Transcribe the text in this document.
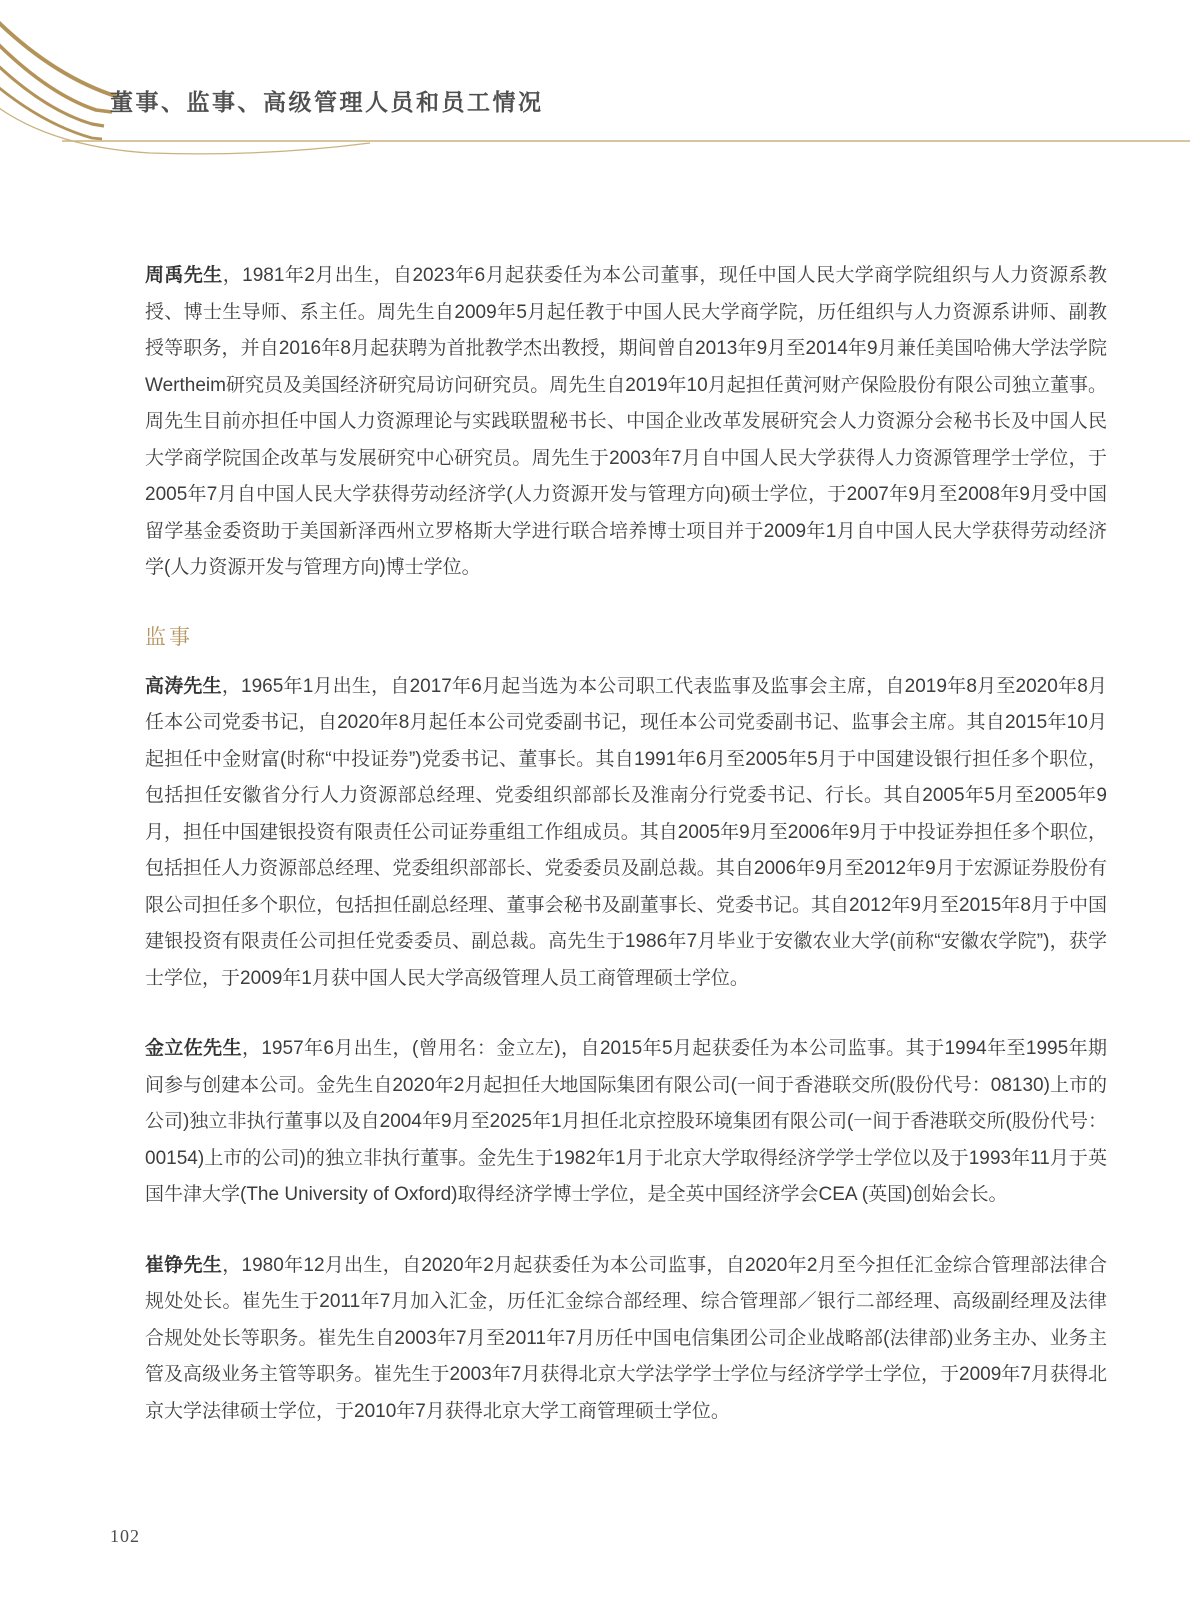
董事、监事、高级管理人员和员工情况

周禹先生，1981年2月出生，自2023年6月起获委任为本公司董事，现任中国人民大学商学院组织与人力资源系教授、博士生导师、系主任。周先生自2009年5月起任教于中国人民大学商学院，历任组织与人力资源系讲师、副教授等职务，并自2016年8月起获聘为首批教学杰出教授，期间曾自2013年9月至2014年9月兼任美国哈佛大学法学院Wertheim研究员及美国经济研究局访问研究员。周先生自2019年10月起担任黄河财产保险股份有限公司独立董事。周先生目前亦担任中国人力资源理论与实践联盟秘书长、中国企业改革发展研究会人力资源分会秘书长及中国人民大学商学院国企改革与发展研究中心研究员。周先生于2003年7月自中国人民大学获得人力资源管理学士学位，于2005年7月自中国人民大学获得劳动经济学(人力资源开发与管理方向)硕士学位，于2007年9月至2008年9月受中国留学基金委资助于美国新泽西州立罗格斯大学进行联合培养博士项目并于2009年1月自中国人民大学获得劳动经济学(人力资源开发与管理方向)博士学位。

监事

高涛先生，1965年1月出生，自2017年6月起当选为本公司职工代表监事及监事会主席，自2019年8月至2020年8月任本公司党委书记，自2020年8月起任本公司党委副书记，现任本公司党委副书记、监事会主席。其自2015年10月起担任中金财富(时称“中投证券”)党委书记、董事长。其自1991年6月至2005年5月于中国建设银行担任多个职位，包括担任安徽省分行人力资源部总经理、党委组织部部长及淮南分行党委书记、行长。其自2005年5月至2005年9月，担任中国建银投资有限责任公司证券重组工作组成员。其自2005年9月至2006年9月于中投证券担任多个职位，包括担任人力资源部总经理、党委组织部部长、党委委员及副总裁。其自2006年9月至2012年9月于宏源证券股份有限公司担任多个职位，包括担任副总经理、董事会秘书及副董事长、党委书记。其自2012年9月至2015年8月于中国建银投资有限责任公司担任党委委员、副总裁。高先生于1986年7月毕业于安徽农业大学(前称“安徽农学院”)，获学士学位，于2009年1月获中国人民大学高级管理人员工商管理硕士学位。

金立佐先生，1957年6月出生，(曾用名：金立左)，自2015年5月起获委任为本公司监事。其于1994年至1995年期间参与创建本公司。金先生自2020年2月起担任大地国际集团有限公司(一间于香港联交所(股份代号：08130)上市的公司)独立非执行董事以及自2004年9月至2025年1月担任北京控股环境集团有限公司(一间于香港联交所(股份代号：00154)上市的公司)的独立非执行董事。金先生于1982年1月于北京大学取得经济学学士学位以及于1993年11月于英国牛津大学(The University of Oxford)取得经济学博士学位，是全英中国经济学会CEA (英国)创始会长。

崔铮先生，1980年12月出生，自2020年2月起获委任为本公司监事，自2020年2月至今担任汇金综合管理部法律合规处处长。崔先生于2011年7月加入汇金，历任汇金综合部经理、综合管理部／银行二部经理、高级副经理及法律合规处处长等职务。崔先生自2003年7月至2011年7月历任中国电信集团公司企业战略部(法律部)业务主办、业务主管及高级业务主管等职务。崔先生于2003年7月获得北京大学法学学士学位与经济学学士学位，于2009年7月获得北京大学法律硕士学位，于2010年7月获得北京大学工商管理硕士学位。

102
